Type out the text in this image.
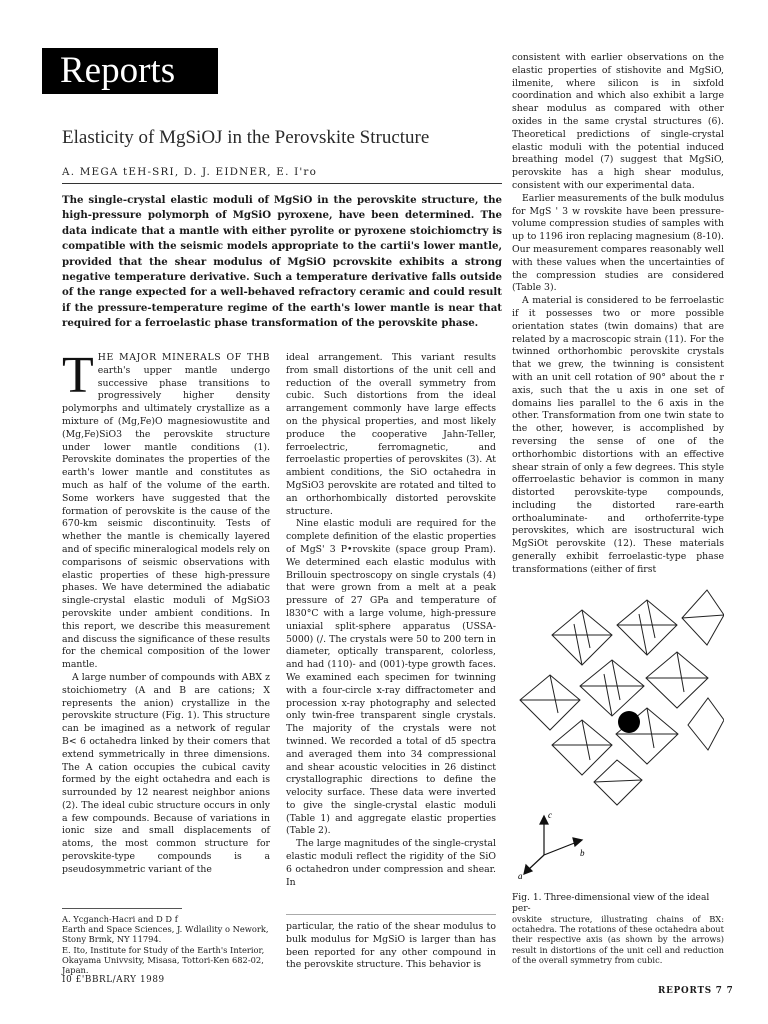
Reports
Elasticity of MgSiOJ in the Perovskite Structure
A. MEGA tEH-SRI, D. J. EIDNER, E. I'ro
The single-crystal elastic moduli of MgSiO in the perovskite structure, the high-pressure polymorph of MgSiO pyroxene, have been determined. The data indicate that a mantle with either pyrolite or pyroxene stoichiomctry is compatible with the seismic models appropriate to the cartii's lower mantle, provided that the shear modulus of MgSiO pcrovskite exhibits a strong negative temperature derivative. Such a temperature derivative falls outside of the range expected for a well-behaved refractory ceramic and could result if the pressure-temperature regime of the earth's lower mantle is near that required for a ferroelastic phase transformation of the perovskite phase.

THE MAJOR MINERALS OF THB earth's upper mantle undergo successive phase transitions to progressively higher density polymorphs and ultimately crystallize as a mixture of (Mg,Fe)O magnesiowustite and (Mg,Fe)SiO3 the perovskite structure under lower mantle conditions (1). Perovskite dominates the properties of the earth's lower mantle and constitutes as much as half of the volume of the earth. Some workers have suggested that the formation of perovskite is the cause of the 670-km seismic discontinuity. Tests of whether the mantle is chemically layered and of specific mineralogical models rely on comparisons of seismic observations with elastic properties of these high-pressure phases. We have determined the adiabatic single-crystal elastic moduli of MgSiO3 perovskite under ambient conditions. In this report, we describe this measurement and discuss the significance of these results for the chemical composition of the lower mantle.

A large number of compounds with ABX z stoichiometry (A and B are cations; X represents the anion) crystallize in the perovskite structure (Fig. 1). This structure can be imagined as a network of regular B< 6 octahedra linked by their comers that extend symmetrically in three dimensions. The A cation occupies the cubical cavity formed by the eight octahedra and each is surrounded by 12 nearest neighbor anions (2). The ideal cubic structure occurs in only a few compounds. Because of variations in ionic size and small displacements of atoms, the most common structure for perovskite-type compounds is a pseudosymmetric variant of the

ideal arrangement. This variant results from small distortions of the unit cell and reduction of the overall symmetry from cubic. Such distortions from the ideal arrangement commonly have large effects on the physical properties, and most likely produce the cooperative Jahn-Teller, ferroelectric, ferromagnetic, and ferroelastic properties of perovskites (3). At ambient conditions, the SiO octahedra in MgSiO3 perovskite are rotated and tilted to an orthorhombically distorted perovskite structure.

Nine elastic moduli are required for the complete definition of the elastic properties of MgS' 3 P•rovskite (space group Pram). We determined each elastic modulus with Brillouin spectroscopy on single crystals (4) that were grown from a melt at a peak pressure of 27 GPa and temperature of l830°C with a large volume, high-pressure uniaxial split-sphere apparatus (USSA-5000) (/. The crystals were 50 to 200 tern in diameter, optically transparent, colorless, and had (110)- and (001)-type growth faces. We examined each specimen for twinning with a four-circle x-ray diffractometer and procession x-ray photography and selected only twin-free transparent single crystals. The majority of the crystals were not twinned. We recorded a total of d5 spectra and averaged them into 34 compressional and shear acoustic velocities in 26 distinct crystallographic directions to define the velocity surface. These data were inverted to give the single-crystal elastic moduli (Table 1) and aggregate elastic properties (Table 2).

The large magnitudes of the single-crystal elastic moduli reflect the rigidity of the SiO 6 octahedron under compression and shear. In

particular, the ratio of the shear modulus to bulk modulus for MgSiO is larger than has been reported for any other compound in the perovskite structure. This behavior is

consistent with earlier observations on the elastic properties of stishovite and MgSiO, ilmenite, where silicon is in sixfold coordination and which also exhibit a large shear modulus as compared with other oxides in the same crystal structures (6). Theoretical predictions of single-crystal elastic moduli with the potential induced breathing model (7) suggest that MgSiO, perovskite has a high shear modulus, consistent with our experimental data.

Earlier measurements of the bulk modulus for MgS ' 3 w rovskite have been pressure-volume compression studies of samples with up to 1196 iron replacing magnesium (8-10). Our measurement compares reasonably well with these values when the uncertainties of the compression studies are considered (Table 3).

A material is considered to be ferroelastic if it possesses two or more possible orientation states (twin domains) that are related by a macroscopic strain (11). For the twinned orthorhombic perovskite crystals that we grew, the twinning is consistent with an unit cell rotation of 90° about the r axis, such that the u axis in one set of domains lies parallel to the 6 axis in the other. Transformation from one twin state to the other, however, is accomplished by reversing the sense of one of the orthorhombic distortions with an effective shear strain of only a few degrees. This style offerroelastic behavior is common in many distorted perovskite-type compounds, including the distorted rare-earth orthoaluminate- and orthoferrite-type perovskites, which are isostructural wich MgSiOt perovskite (12). These materials generally exhibit ferroelastic-type phase transformations (either of first

c
b
a
Fig. 1. Three-dimensional view of the ideal per-
ovskite structure, illustrating chains of BX: octahedra. The rotations of these octahedra about their respective axis (as shown by the arrows) result in distortions of the unit cell and reduction of the overall symmetry from cubic.
A. Ycganch-Hacri and D D f
Earth and Space Sciences, J. Wdlaility o Nework, Stony Brmk, NY 11794.
E. Ito, Institute for Study of the Earth's Interior, Okayama Univvsity, Misasa, Tottori-Ken 682-02, Japan.
I0 £'BBRL/ARY 1989
REPORTS 7 7
